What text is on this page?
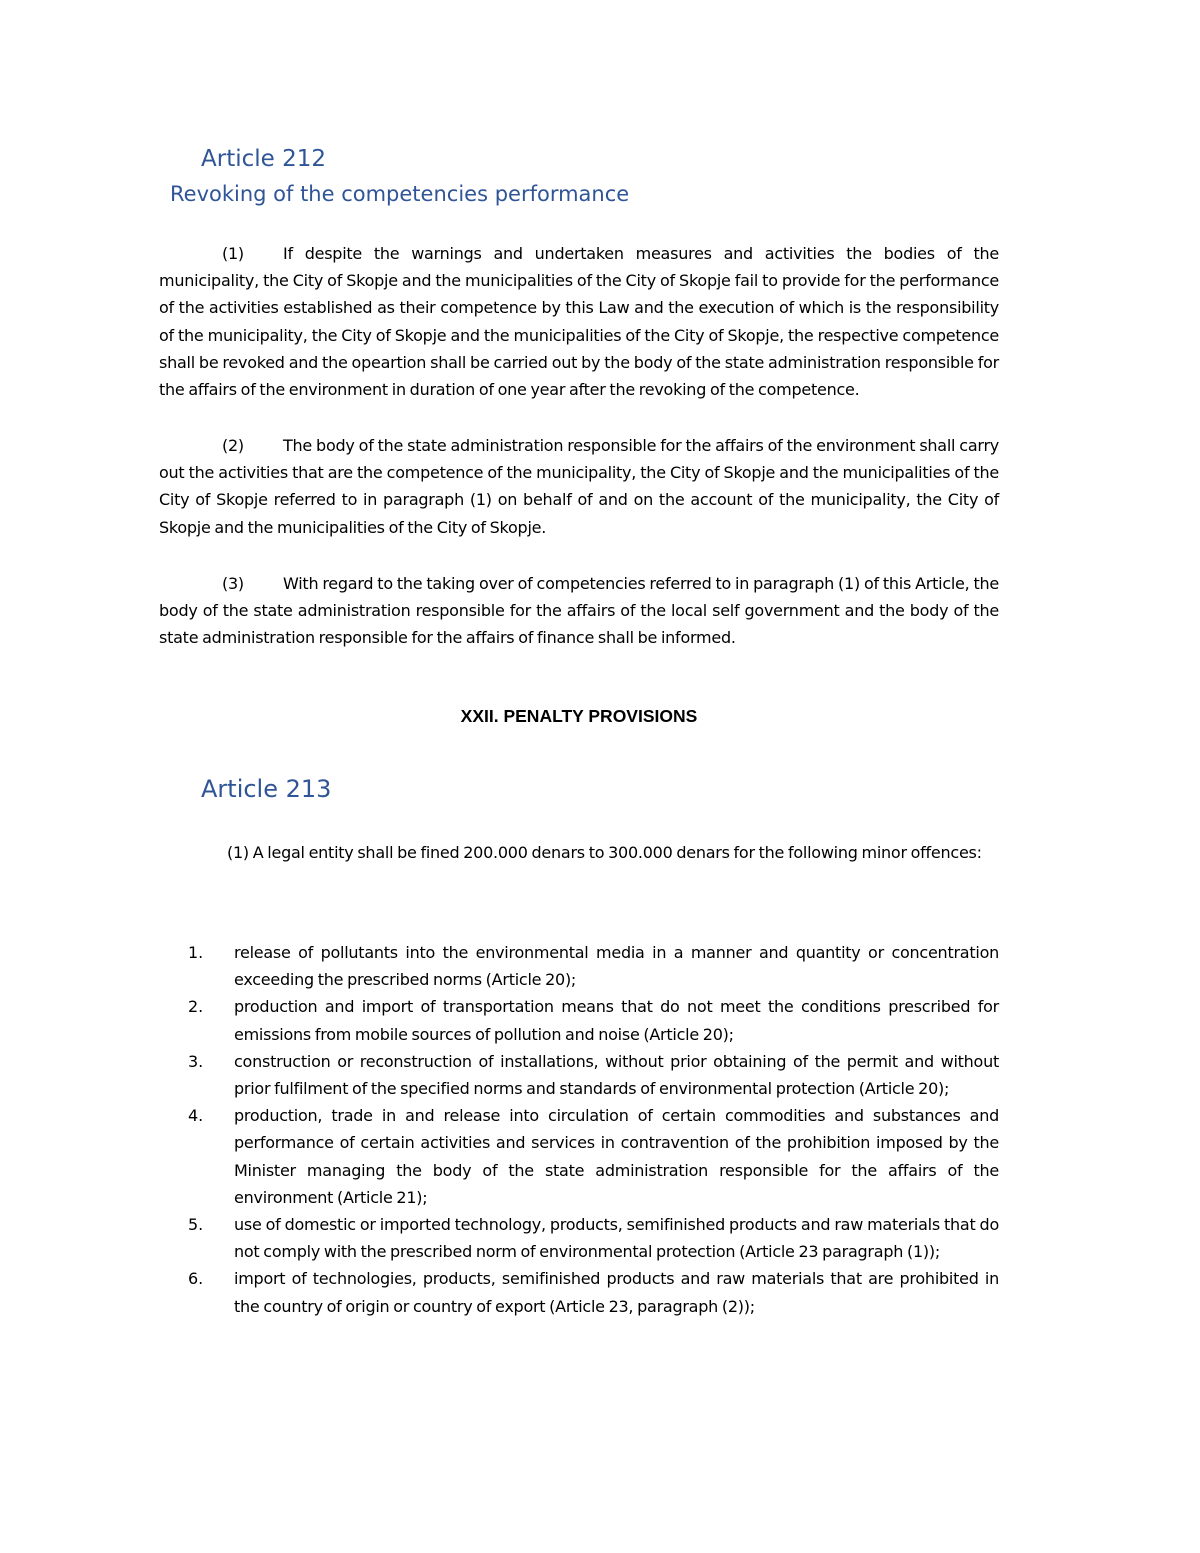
Article 212
Revoking of the competencies performance

(1) If despite the warnings and undertaken measures and activities the bodies of the municipality, the City of Skopje and the municipalities of the City of Skopje fail to provide for the performance of the activities established as their competence by this Law and the execution of which is the responsibility of the municipality, the City of Skopje and the municipalities of the City of Skopje, the respective competence shall be revoked and the opeartion shall be carried out by the body of the state administration responsible for the affairs of the environment in duration of one year after the revoking of the competence.

(2) The body of the state administration responsible for the affairs of the environment shall carry out the activities that are the competence of the municipality, the City of Skopje and the municipalities of the City of Skopje referred to in paragraph (1) on behalf of and on the account of the municipality, the City of Skopje and the municipalities of the City of Skopje.

(3) With regard to the taking over of competencies referred to in paragraph (1) of this Article, the body of the state administration responsible for the affairs of the local self government and the body of the state administration responsible for the affairs of finance shall be informed.

XXII. PENALTY PROVISIONS
Article 213

(1) A legal entity shall be fined 200.000 denars to 300.000 denars for the following minor offences:

1.	release of pollutants into the environmental media in a manner and quantity or concentration exceeding the prescribed norms (Article 20);
2.	production and import of transportation means that do not meet the conditions prescribed for emissions from mobile sources of pollution and noise (Article 20);
3.	construction or reconstruction of installations, without prior obtaining of the permit and without prior fulfilment of the specified norms and standards of environmental protection (Article 20);
4.	production, trade in and release into circulation of certain commodities and substances and performance of certain activities and services in contravention of the prohibition imposed by the Minister managing the body of the state administration responsible for the affairs of the environment (Article 21);
5.	use of domestic or imported technology, products, semifinished products and raw materials that do not comply with the prescribed norm of environmental protection (Article 23 paragraph (1));
6.	import of technologies, products, semifinished products and raw materials that are prohibited in the country of origin or country of export (Article 23, paragraph (2));
